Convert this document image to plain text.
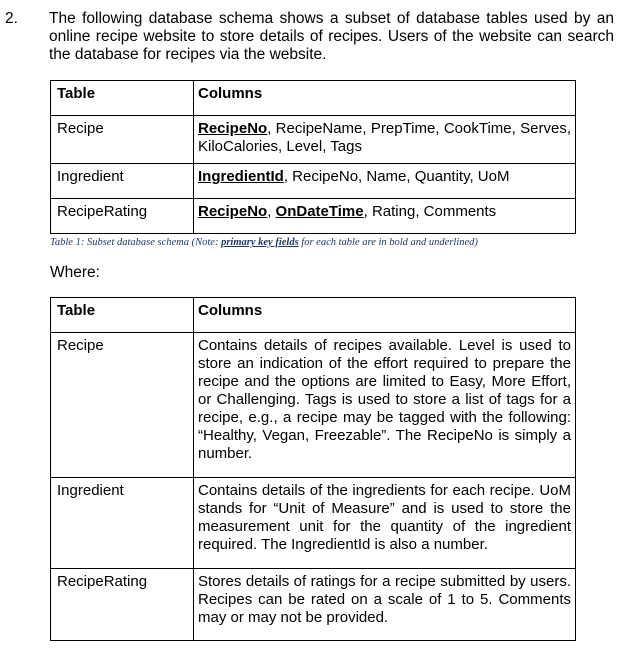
2. The following database schema shows a subset of database tables used by an online recipe website to store details of recipes. Users of the website can search the database for recipes via the website.
Table	Columns
Recipe	RecipeNo, RecipeName, PrepTime, CookTime, Serves, KiloCalories, Level, Tags
Ingredient	IngredientId, RecipeNo, Name, Quantity, UoM
RecipeRating	RecipeNo, OnDateTime, Rating, Comments
Table 1: Subset database schema (Note: primary key fields for each table are in bold and underlined)
Where:
Table	Columns
Recipe	Contains details of recipes available. Level is used to store an indication of the effort required to prepare the recipe and the options are limited to Easy, More Effort, or Challenging. Tags is used to store a list of tags for a recipe, e.g., a recipe may be tagged with the following: “Healthy, Vegan, Freezable”. The RecipeNo is simply a number.
Ingredient	Contains details of the ingredients for each recipe. UoM stands for “Unit of Measure” and is used to store the measurement unit for the quantity of the ingredient required. The IngredientId is also a number.
RecipeRating	Stores details of ratings for a recipe submitted by users. Recipes can be rated on a scale of 1 to 5. Comments may or may not be provided.
